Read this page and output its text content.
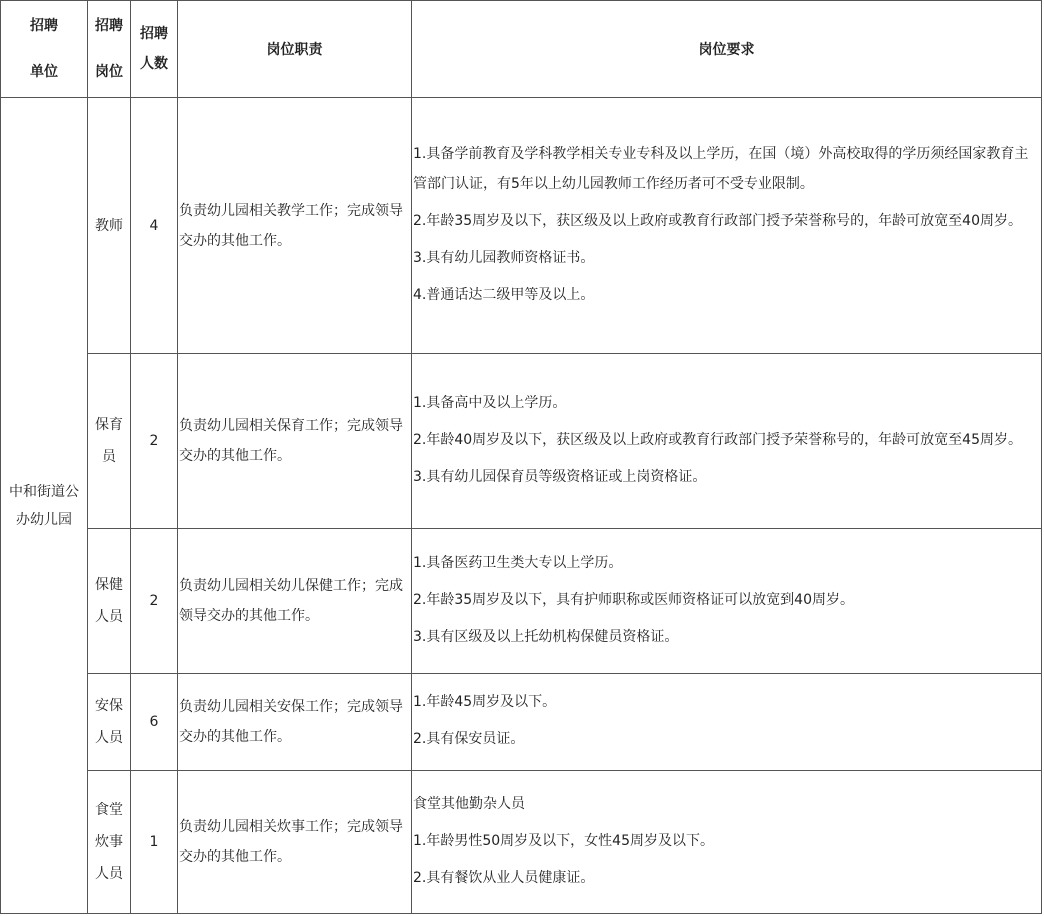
招聘
单位	招聘
岗位	招聘
人数	岗位职责	岗位要求

中和街道公
办幼儿园	教师	4	负责幼儿园相关教学工作；完成领导交办的其他工作。	1.具备学前教育及学科教学相关专业专科及以上学历，在国（境）外高校取得的学历须经国家教育主管部门认证，有5年以上幼儿园教师工作经历者可不受专业限制。
2.年龄35周岁及以下，获区级及以上政府或教育行政部门授予荣誉称号的，年龄可放宽至40周岁。
3.具有幼儿园教师资格证书。
4.普通话达二级甲等及以上。

	保育
员	2	负责幼儿园相关保育工作；完成领导交办的其他工作。	1.具备高中及以上学历。
2.年龄40周岁及以下，获区级及以上政府或教育行政部门授予荣誉称号的，年龄可放宽至45周岁。
3.具有幼儿园保育员等级资格证或上岗资格证。

	保健
人员	2	负责幼儿园相关幼儿保健工作；完成领导交办的其他工作。	1.具备医药卫生类大专以上学历。
2.年龄35周岁及以下，具有护师职称或医师资格证可以放宽到40周岁。
3.具有区级及以上托幼机构保健员资格证。

	安保
人员	6	负责幼儿园相关安保工作；完成领导交办的其他工作。	1.年龄45周岁及以下。
2.具有保安员证。

	食堂
炊事
人员	1	负责幼儿园相关炊事工作；完成领导交办的其他工作。	食堂其他勤杂人员
1.年龄男性50周岁及以下，女性45周岁及以下。
2.具有餐饮从业人员健康证。
